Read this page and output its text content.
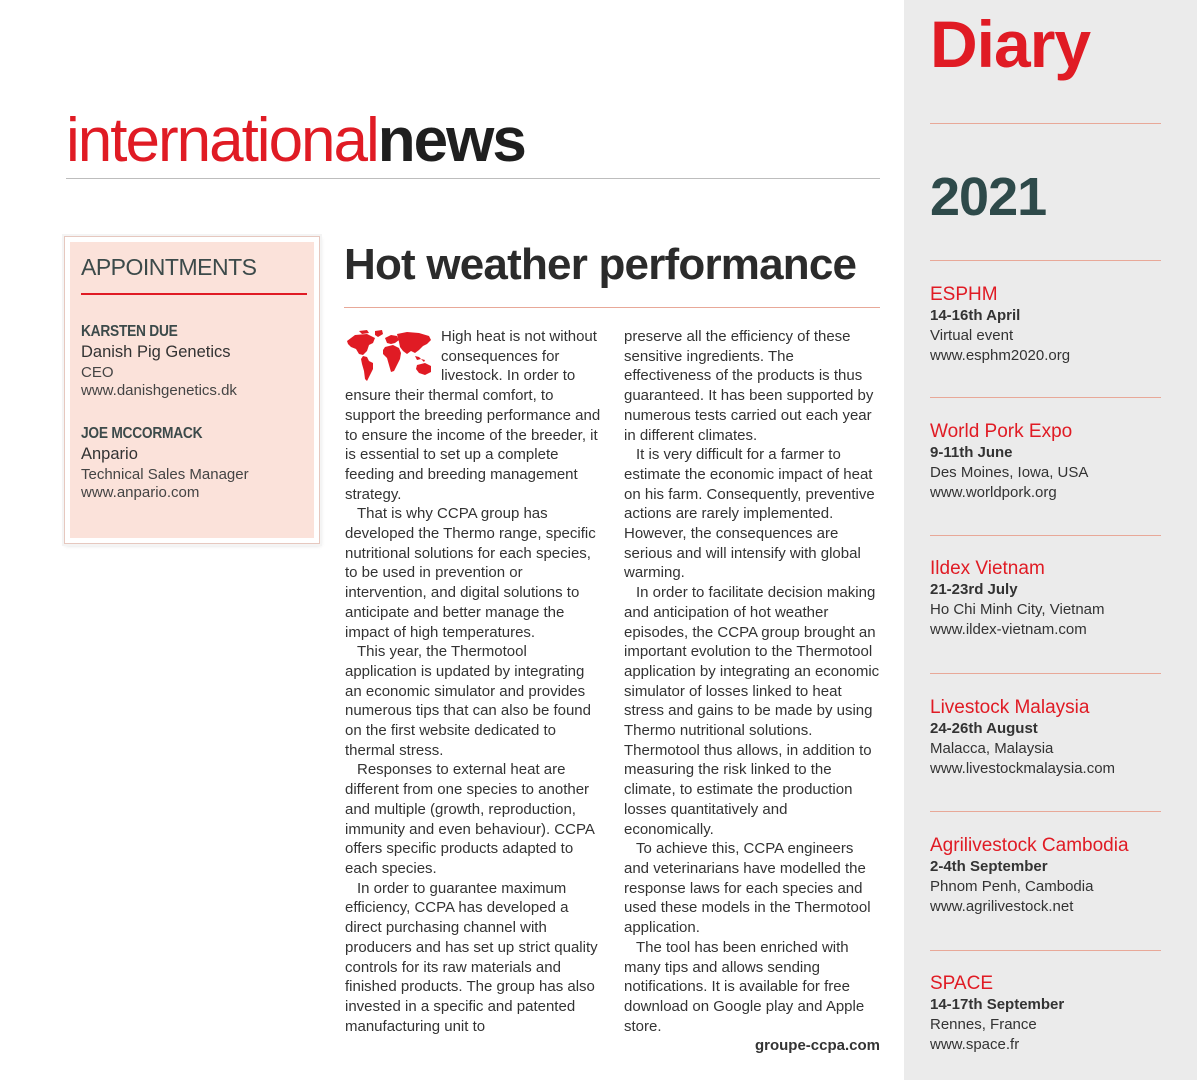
internationalnews
APPOINTMENTS
KARSTEN DUE
Danish Pig Genetics
CEO
www.danishgenetics.dk
JOE MCCORMACK
Anpario
Technical Sales Manager
www.anpario.com
Hot weather performance

High heat is not without consequences for livestock. In order to ensure their thermal comfort, to support the breeding performance and to ensure the income of the breeder, it is essential to set up a complete feeding and breeding management strategy.

That is why CCPA group has developed the Thermo range, specific nutritional solutions for each species, to be used in prevention or intervention, and digital solutions to anticipate and better manage the impact of high temperatures.

This year, the Thermotool application is updated by integrating an economic simulator and provides numerous tips that can also be found on the first website dedicated to thermal stress.

Responses to external heat are different from one species to another and multiple (growth, reproduction, immunity and even behaviour). CCPA offers specific products adapted to each species.

In order to guarantee maximum efficiency, CCPA has developed a direct purchasing channel with producers and has set up strict quality controls for its raw materials and finished products. The group has also invested in a specific and patented manufacturing unit to

preserve all the efficiency of these sensitive ingredients. The effectiveness of the products is thus guaranteed. It has been supported by numerous tests carried out each year in different climates.

It is very difficult for a farmer to estimate the economic impact of heat on his farm. Consequently, preventive actions are rarely implemented. However, the consequences are serious and will intensify with global warming.

In order to facilitate decision making and anticipation of hot weather episodes, the CCPA group brought an important evolution to the Thermotool application by integrating an economic simulator of losses linked to heat stress and gains to be made by using Thermo nutritional solutions. Thermotool thus allows, in addition to measuring the risk linked to the climate, to estimate the production losses quantitatively and economically.

To achieve this, CCPA engineers and veterinarians have modelled the response laws for each species and used these models in the Thermotool application.

The tool has been enriched with many tips and allows sending notifications. It is available for free download on Google play and Apple store.

groupe-ccpa.com
Diary
2021
ESPHM
14-16th April
Virtual event
www.esphm2020.org
World Pork Expo
9-11th June
Des Moines, Iowa, USA
www.worldpork.org
Ildex Vietnam
21-23rd July
Ho Chi Minh City, Vietnam
www.ildex-vietnam.com
Livestock Malaysia
24-26th August
Malacca, Malaysia
www.livestockmalaysia.com
Agrilivestock Cambodia
2-4th September
Phnom Penh, Cambodia
www.agrilivestock.net
SPACE
14-17th September
Rennes, France
www.space.fr
